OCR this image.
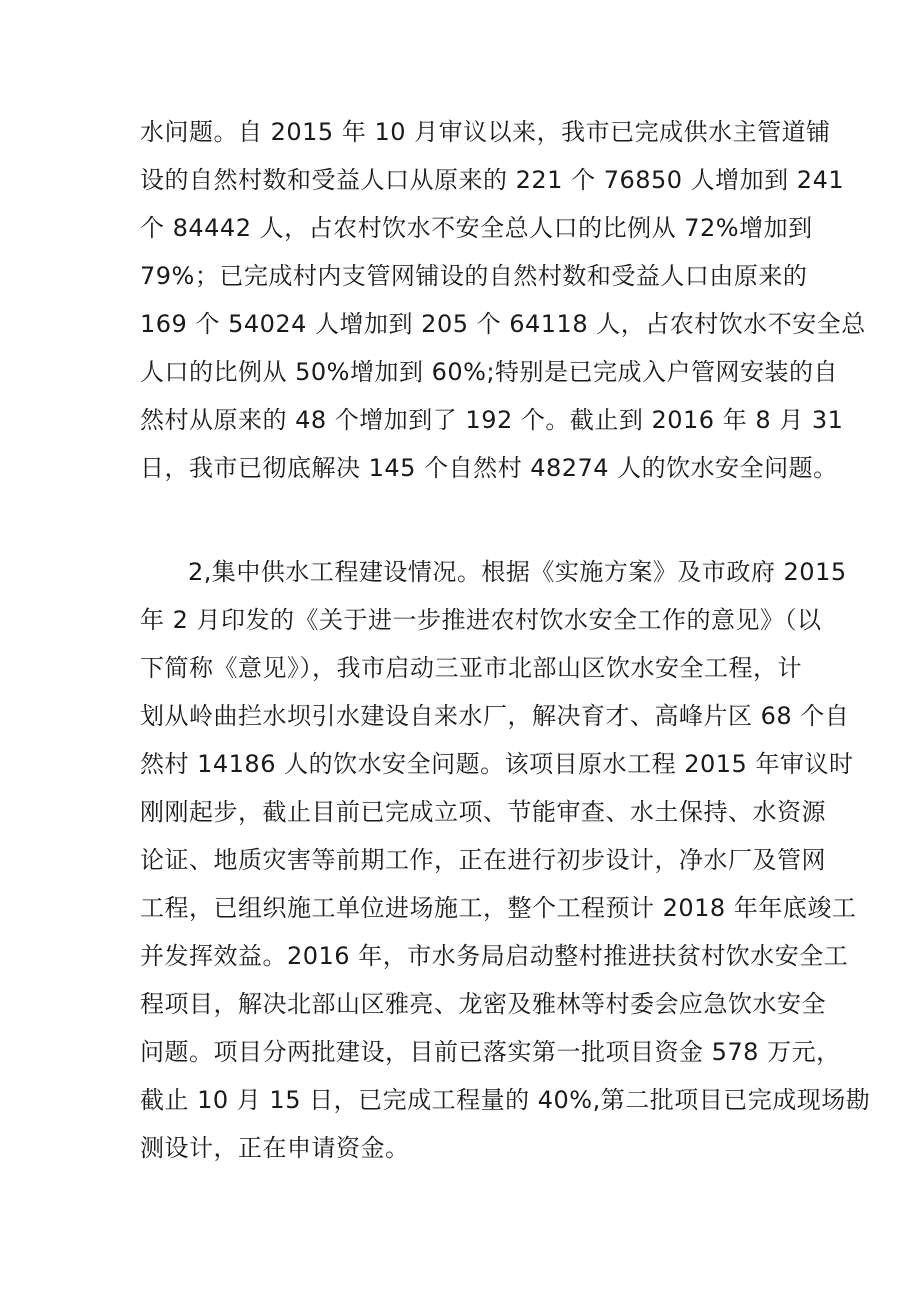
水问题。自 2015 年 10 月审议以来，我市已完成供水主管道铺
设的自然村数和受益人口从原来的 221 个 76850 人增加到 241
个 84442 人，占农村饮水不安全总人口的比例从 72%增加到
79%；已完成村内支管网铺设的自然村数和受益人口由原来的
169 个 54024 人增加到 205 个 64118 人，占农村饮水不安全总
人口的比例从 50%增加到 60%;特别是已完成入户管网安装的自
然村从原来的 48 个增加到了 192 个。截止到 2016 年 8 月 31
日，我市已彻底解决 145 个自然村 48274 人的饮水安全问题。
2,集中供水工程建设情况。根据《实施方案》及市政府 2015
年 2 月印发的《关于进一步推进农村饮水安全工作的意见》（以
下简称《意见》），我市启动三亚市北部山区饮水安全工程，计
划从岭曲拦水坝引水建设自来水厂，解决育才、高峰片区 68 个自
然村 14186 人的饮水安全问题。该项目原水工程 2015 年审议时
刚刚起步，截止目前已完成立项、节能审查、水土保持、水资源
论证、地质灾害等前期工作，正在进行初步设计，净水厂及管网
工程，已组织施工单位进场施工，整个工程预计 2018 年年底竣工
并发挥效益。2016 年，市水务局启动整村推进扶贫村饮水安全工
程项目，解决北部山区雅亮、龙密及雅林等村委会应急饮水安全
问题。项目分两批建设，目前已落实第一批项目资金 578 万元，
截止 10 月 15 日，已完成工程量的 40%,第二批项目已完成现场勘
测设计，正在申请资金。
